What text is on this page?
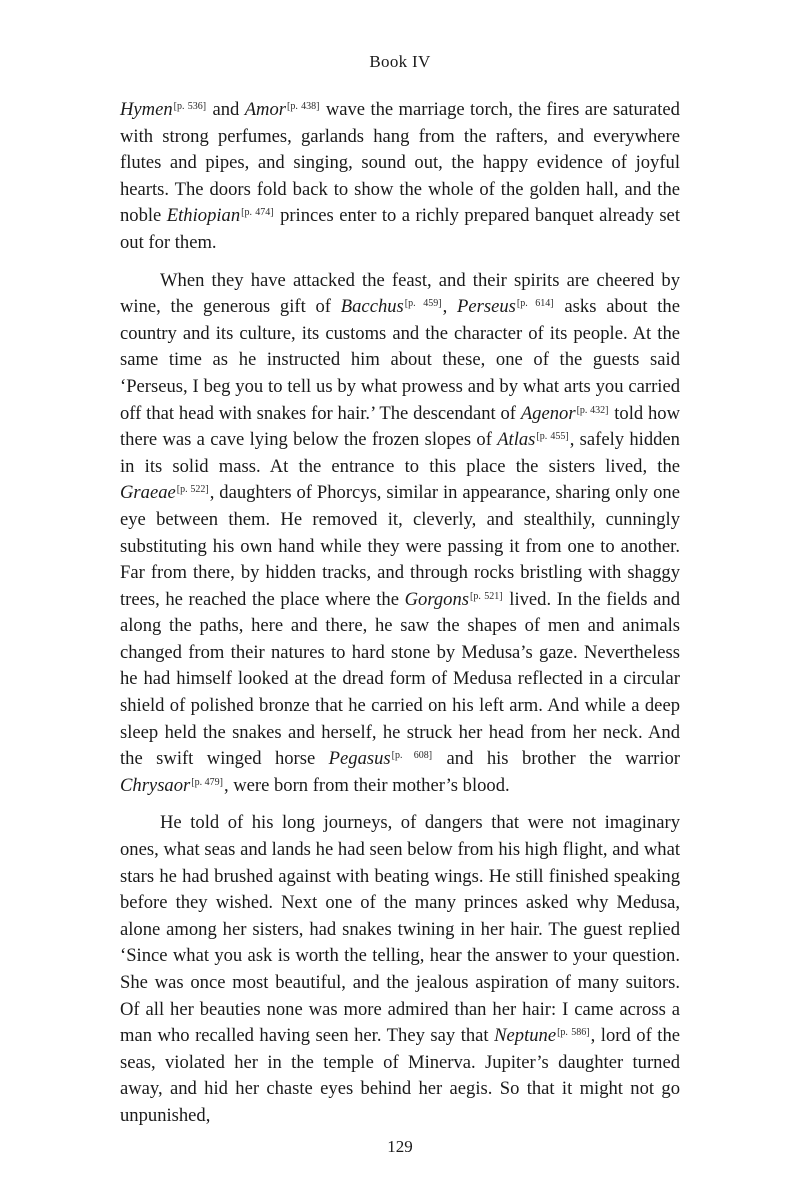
Book IV

Hymen[p. 536] and Amor[p. 438] wave the marriage torch, the fires are saturated with strong perfumes, garlands hang from the rafters, and everywhere flutes and pipes, and singing, sound out, the happy evidence of joyful hearts. The doors fold back to show the whole of the golden hall, and the noble Ethiopian[p. 474] princes enter to a richly prepared banquet already set out for them.

When they have attacked the feast, and their spirits are cheered by wine, the generous gift of Bacchus[p. 459], Perseus[p. 614] asks about the country and its culture, its customs and the character of its people. At the same time as he instructed him about these, one of the guests said ‘Perseus, I beg you to tell us by what prowess and by what arts you carried off that head with snakes for hair.’ The descendant of Agenor[p. 432] told how there was a cave lying below the frozen slopes of Atlas[p. 455], safely hidden in its solid mass. At the entrance to this place the sisters lived, the Graeae[p. 522], daughters of Phorcys, similar in appearance, sharing only one eye between them. He removed it, cleverly, and stealthily, cunningly substituting his own hand while they were passing it from one to another. Far from there, by hidden tracks, and through rocks bristling with shaggy trees, he reached the place where the Gorgons[p. 521] lived. In the fields and along the paths, here and there, he saw the shapes of men and animals changed from their natures to hard stone by Medusa’s gaze. Nevertheless he had himself looked at the dread form of Medusa reflected in a circular shield of polished bronze that he carried on his left arm. And while a deep sleep held the snakes and herself, he struck her head from her neck. And the swift winged horse Pegasus[p. 608] and his brother the warrior Chrysaor[p. 479], were born from their mother’s blood.

He told of his long journeys, of dangers that were not imaginary ones, what seas and lands he had seen below from his high flight, and what stars he had brushed against with beating wings. He still finished speaking before they wished. Next one of the many princes asked why Medusa, alone among her sisters, had snakes twining in her hair. The guest replied ‘Since what you ask is worth the telling, hear the answer to your question. She was once most beautiful, and the jealous aspiration of many suitors. Of all her beauties none was more admired than her hair: I came across a man who recalled having seen her. They say that Neptune[p. 586], lord of the seas, violated her in the temple of Minerva. Jupiter’s daughter turned away, and hid her chaste eyes behind her aegis. So that it might not go unpunished,

129
